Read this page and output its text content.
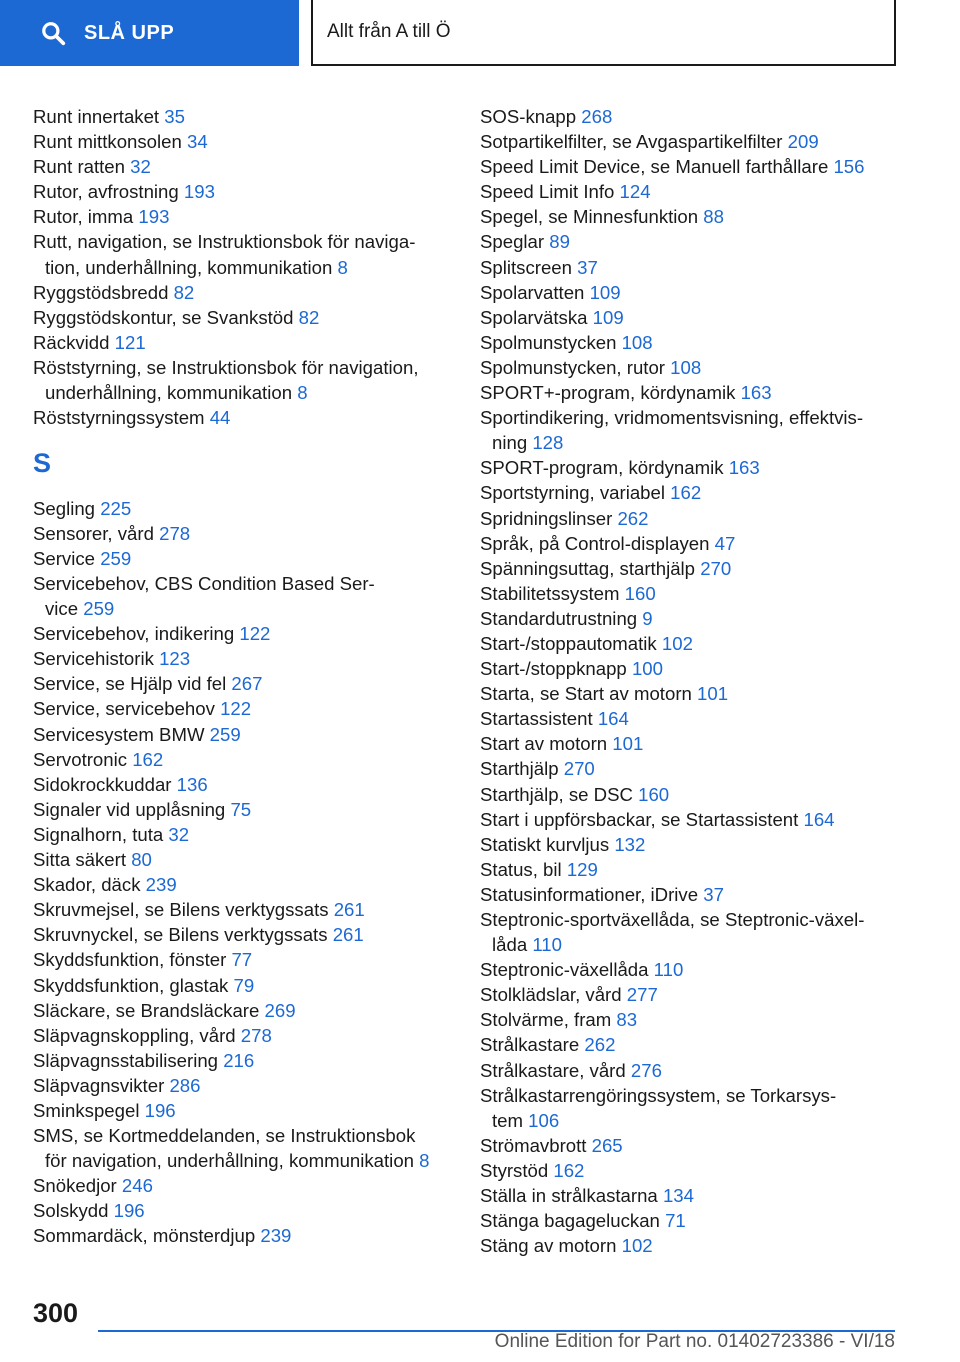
SLÅ UPP	Allt från A till Ö
Runt innertaket 35
Runt mittkonsolen 34
Runt ratten 32
Rutor, avfrostning 193
Rutor, imma 193
Rutt, navigation, se Instruktionsbok för naviga-
tion, underhållning, kommunikation 8
Ryggstödsbredd 82
Ryggstödskontur, se Svankstöd 82
Räckvidd 121
Röststyrning, se Instruktionsbok för navigation,
underhållning, kommunikation 8
Röststyrningssystem 44
S
Segling 225
Sensorer, vård 278
Service 259
Servicebehov, CBS Condition Based Ser-
vice 259
Servicebehov, indikering 122
Servicehistorik 123
Service, se Hjälp vid fel 267
Service, servicebehov 122
Servicesystem BMW 259
Servotronic 162
Sidokrockkuddar 136
Signaler vid upplåsning 75
Signalhorn, tuta 32
Sitta säkert 80
Skador, däck 239
Skruvmejsel, se Bilens verktygssats 261
Skruvnyckel, se Bilens verktygssats 261
Skyddsfunktion, fönster 77
Skyddsfunktion, glastak 79
Släckare, se Brandsläckare 269
Släpvagnskoppling, vård 278
Släpvagnsstabilisering 216
Släpvagnsvikter 286
Sminkspegel 196
SMS, se Kortmeddelanden, se Instruktionsbok
för navigation, underhållning, kommunikation 8
Snökedjor 246
Solskydd 196
Sommardäck, mönsterdjup 239
SOS-knapp 268
Sotpartikelfilter, se Avgaspartikelfilter 209
Speed Limit Device, se Manuell farthållare 156
Speed Limit Info 124
Spegel, se Minnesfunktion 88
Speglar 89
Splitscreen 37
Spolarvatten 109
Spolarvätska 109
Spolmunstycken 108
Spolmunstycken, rutor 108
SPORT+-program, kördynamik 163
Sportindikering, vridmomentsvisning, effektvis-
ning 128
SPORT-program, kördynamik 163
Sportstyrning, variabel 162
Spridningslinser 262
Språk, på Control-displayen 47
Spänningsuttag, starthjälp 270
Stabilitetssystem 160
Standardutrustning 9
Start-/stoppautomatik 102
Start-/stoppknapp 100
Starta, se Start av motorn 101
Startassistent 164
Start av motorn 101
Starthjälp 270
Starthjälp, se DSC 160
Start i uppförsbackar, se Startassistent 164
Statiskt kurvljus 132
Status, bil 129
Statusinformationer, iDrive 37
Steptronic-sportväxellåda, se Steptronic-växel-
låda 110
Steptronic-växellåda 110
Stolklädslar, vård 277
Stolvärme, fram 83
Strålkastare 262
Strålkastare, vård 276
Strålkastarrengöringssystem, se Torkarsys-
tem 106
Strömavbrott 265
Styrstöd 162
Ställa in strålkastarna 134
Stänga bagageluckan 71
Stäng av motorn 102
300
Online Edition for Part no. 01402723386 - VI/18
